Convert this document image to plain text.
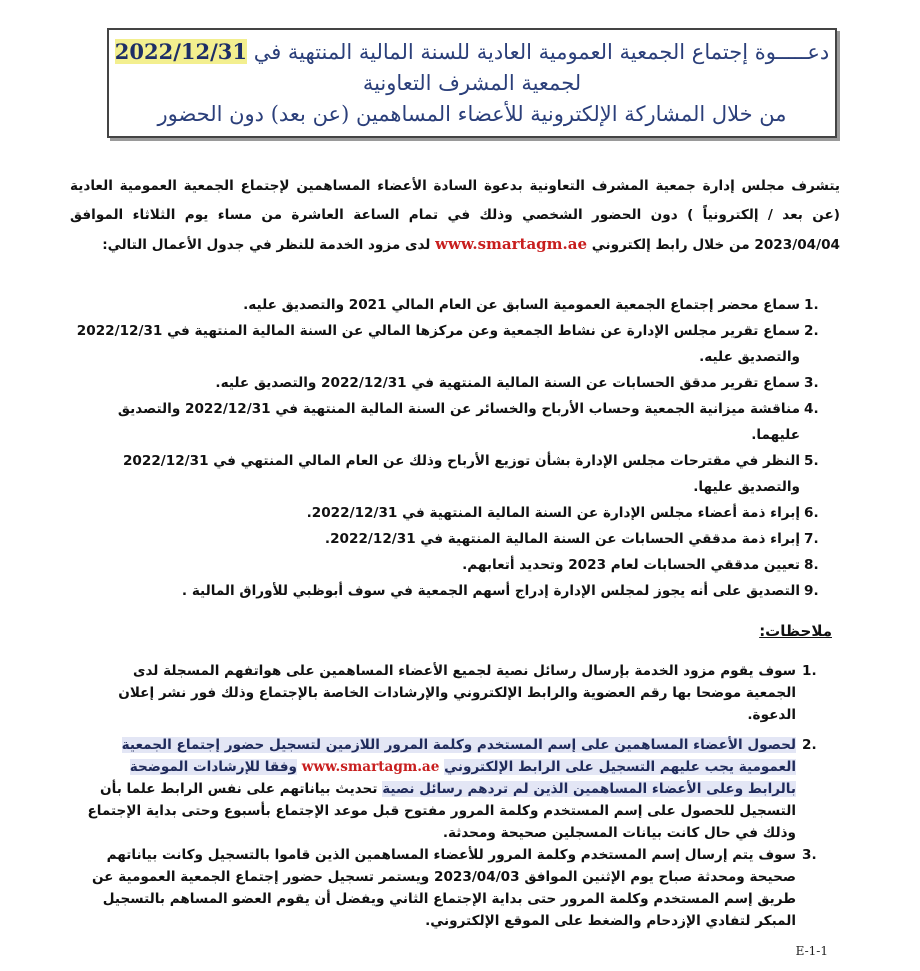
دعـــــوة إجتماع الجمعية العمومية العادية للسنة المالية المنتهية في 2022/12/31
لجمعية المشرف التعاونية
من خلال المشاركة الإلكترونية للأعضاء المساهمين (عن بعد) دون الحضور
يتشرف مجلس إدارة جمعية المشرف التعاونية بدعوة السادة الأعضاء المساهمين لإجتماع الجمعية العمومية العادية (عن بعد / إلكترونياً ) دون الحضور الشخصي وذلك في تمام الساعة العاشرة من مساء يوم الثلاثاء الموافق 2023/04/04 من خلال رابط إلكتروني www.smartagm.ae لدى مزود الخدمة للنظر في جدول الأعمال التالي:
1.
سماع محضر إجتماع الجمعية العمومية السابق عن العام المالي 2021 والتصديق عليه.
2.
سماع تقرير مجلس الإدارة عن نشاط الجمعية وعن مركزها المالي عن السنة المالية المنتهية في 2022/12/31 والتصديق عليه.
3.
سماع تقرير مدقق الحسابات عن السنة المالية المنتهية في 2022/12/31 والتصديق عليه.
4.
مناقشة ميزانية الجمعية وحساب الأرباح والخسائر عن السنة المالية المنتهية في 2022/12/31 والتصديق عليهما.
5.
النظر في مقترحات مجلس الإدارة بشأن توزيع الأرباح وذلك عن العام المالي المنتهي في 2022/12/31 والتصديق عليها.
6.
إبراء ذمة أعضاء مجلس الإدارة عن السنة المالية المنتهية في 2022/12/31.
7.
إبراء ذمة مدققي الحسابات عن السنة المالية المنتهية في 2022/12/31.
8.
تعيين مدققي الحسابات لعام 2023 وتحديد أتعابهم.
9.
التصديق على أنه يجوز لمجلس الإدارة إدراج أسهم الجمعية في سوف أبوظبي للأوراق المالية .
ملاحظات:
1.
سوف يقوم مزود الخدمة بإرسال رسائل نصية لجميع الأعضاء المساهمين على هواتفهم المسجلة لدى الجمعية موضحا بها رقم العضوية والرابط الإلكتروني والإرشادات الخاصة بالإجتماع وذلك فور نشر إعلان الدعوة.
2.
لحصول الأعضاء المساهمين على إسم المستخدم وكلمة المرور اللازمين لتسجيل حضور إجتماع الجمعية العمومية يجب عليهم التسجيل على الرابط الإلكتروني www.smartagm.ae وفقا للإرشادات الموضحة بالرابط وعلى الأعضاء المساهمين الذين لم تردهم رسائل نصية تحديث بياناتهم على نفس الرابط علما بأن التسجيل للحصول على إسم المستخدم وكلمة المرور مفتوح قبل موعد الإجتماع بأسبوع وحتى بداية الإجتماع وذلك في حال كانت بيانات المسجلين صحيحة ومحدثة.
3.
سوف يتم إرسال إسم المستخدم وكلمة المرور للأعضاء المساهمين الذين قاموا بالتسجيل وكانت بياناتهم صحيحة ومحدثة صباح يوم الإثنين الموافق 2023/04/03 ويستمر تسجيل حضور إجتماع الجمعية العمومية عن طريق إسم المستخدم وكلمة المرور حتى بداية الإجتماع الثاني ويفضل أن يقوم العضو المساهم بالتسجيل المبكر لتفادي الإزدحام والضغط على الموقع الإلكتروني.
E-1-1
